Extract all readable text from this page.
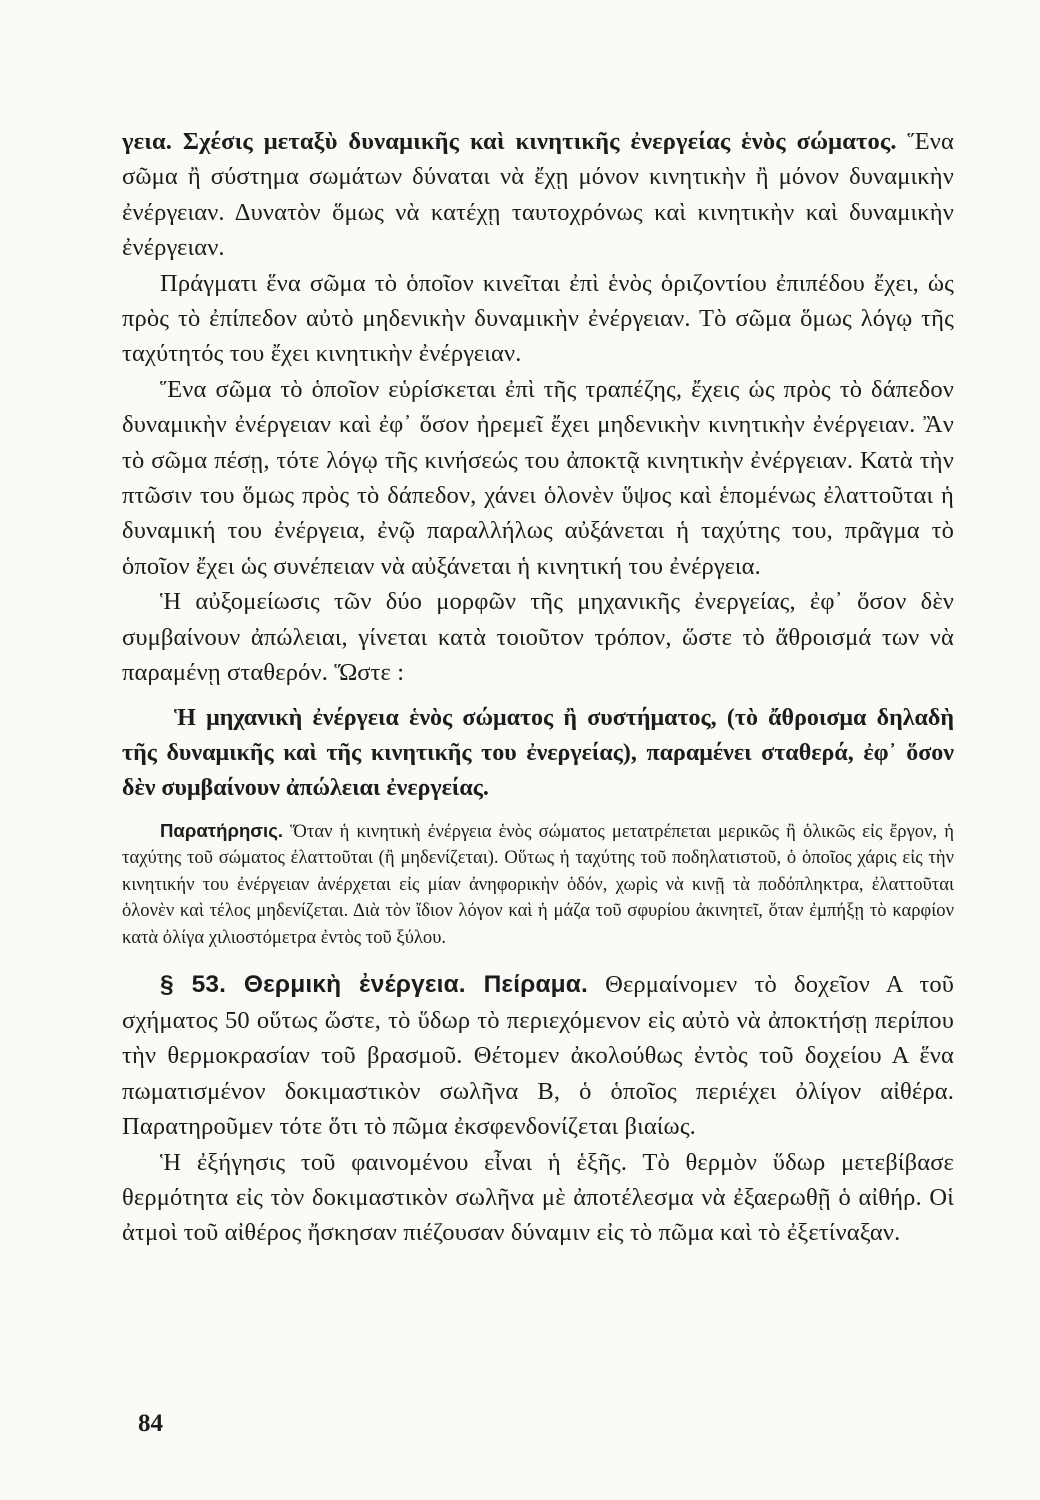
γεια. Σχέσις μεταξὺ δυναμικῆς καὶ κινητικῆς ἐνεργείας ἑνὸς σώματος. Ἕνα σῶμα ἢ σύστημα σωμάτων δύναται νὰ ἔχῃ μόνον κινητικὴν ἢ μόνον δυναμικὴν ἐνέργειαν. Δυνατὸν ὅμως νὰ κατέχῃ ταυτοχρόνως καὶ κινητικὴν καὶ δυναμικὴν ἐνέργειαν.

Πράγματι ἕνα σῶμα τὸ ὁποῖον κινεῖται ἐπὶ ἑνὸς ὁριζοντίου ἐπιπέδου ἔχει, ὡς πρὸς τὸ ἐπίπεδον αὐτὸ μηδενικὴν δυναμικὴν ἐνέργειαν. Τὸ σῶμα ὅμως λόγῳ τῆς ταχύτητός του ἔχει κινητικὴν ἐνέργειαν.

Ἕνα σῶμα τὸ ὁποῖον εὑρίσκεται ἐπὶ τῆς τραπέζης, ἔχεις ὡς πρὸς τὸ δάπεδον δυναμικὴν ἐνέργειαν καὶ ἐφ᾽ ὅσον ἠρεμεῖ ἔχει μηδενικὴν κινητικὴν ἐνέργειαν. Ἂν τὸ σῶμα πέσῃ, τότε λόγῳ τῆς κινήσεώς του ἀποκτᾷ κινητικὴν ἐνέργειαν. Κατὰ τὴν πτῶσιν του ὅμως πρὸς τὸ δάπεδον, χάνει ὁλονὲν ὕψος καὶ ἑπομένως ἐλαττοῦται ἡ δυναμική του ἐνέργεια, ἐνῷ παραλλήλως αὐξάνεται ἡ ταχύτης του, πρᾶγμα τὸ ὁποῖον ἔχει ὡς συνέπειαν νὰ αὐξάνεται ἡ κινητική του ἐνέργεια.

Ἡ αὐξομείωσις τῶν δύο μορφῶν τῆς μηχανικῆς ἐνεργείας, ἐφ᾽ ὅσον δὲν συμβαίνουν ἀπώλειαι, γίνεται κατὰ τοιοῦτον τρόπον, ὥστε τὸ ἄθροισμά των νὰ παραμένῃ σταθερόν. Ὥστε :

Ἡ μηχανικὴ ἐνέργεια ἑνὸς σώματος ἢ συστήματος, (τὸ ἄθροισμα δηλαδὴ τῆς δυναμικῆς καὶ τῆς κινητικῆς του ἐνεργείας), παραμένει σταθερά, ἐφ᾽ ὅσον δὲν συμβαίνουν ἀπώλειαι ἐνεργείας.

Παρατήρησις. Ὅταν ἡ κινητικὴ ἐνέργεια ἑνὸς σώματος μετατρέπεται μερικῶς ἢ ὁλικῶς εἰς ἔργον, ἡ ταχύτης τοῦ σώματος ἐλαττοῦται (ἢ μηδενίζεται). Οὕτως ἡ ταχύτης τοῦ ποδηλατιστοῦ, ὁ ὁποῖος χάρις εἰς τὴν κινητικήν του ἐνέργειαν ἀνέρχεται εἰς μίαν ἀνηφορικὴν ὁδόν, χωρὶς νὰ κινῇ τὰ ποδόπληκτρα, ἐλαττοῦται ὁλονὲν καὶ τέλος μηδενίζεται. Διὰ τὸν ἴδιον λόγον καὶ ἡ μάζα τοῦ σφυρίου ἀκινητεῖ, ὅταν ἐμπήξῃ τὸ καρφίον κατὰ ὀλίγα χιλιοστόμετρα ἐντὸς τοῦ ξύλου.

§ 53. Θερμικὴ ἐνέργεια. Πείραμα. Θερμαίνομεν τὸ δοχεῖον Α τοῦ σχήματος 50 οὕτως ὥστε, τὸ ὕδωρ τὸ περιεχόμενον εἰς αὐτὸ νὰ ἀποκτήσῃ περίπου τὴν θερμοκρασίαν τοῦ βρασμοῦ. Θέτομεν ἀκολούθως ἐντὸς τοῦ δοχείου Α ἕνα πωματισμένον δοκιμαστικὸν σωλῆνα Β, ὁ ὁποῖος περιέχει ὀλίγον αἰθέρα. Παρατηροῦμεν τότε ὅτι τὸ πῶμα ἐκσφενδονίζεται βιαίως.

Ἡ ἐξήγησις τοῦ φαινομένου εἶναι ἡ ἑξῆς. Τὸ θερμὸν ὕδωρ μετεβίβασε θερμότητα εἰς τὸν δοκιμαστικὸν σωλῆνα μὲ ἀποτέλεσμα νὰ ἐξαερωθῇ ὁ αἰθήρ. Οἱ ἀτμοὶ τοῦ αἰθέρος ἤσκησαν πιέζουσαν δύναμιν εἰς τὸ πῶμα καὶ τὸ ἐξετίναξαν.

84
